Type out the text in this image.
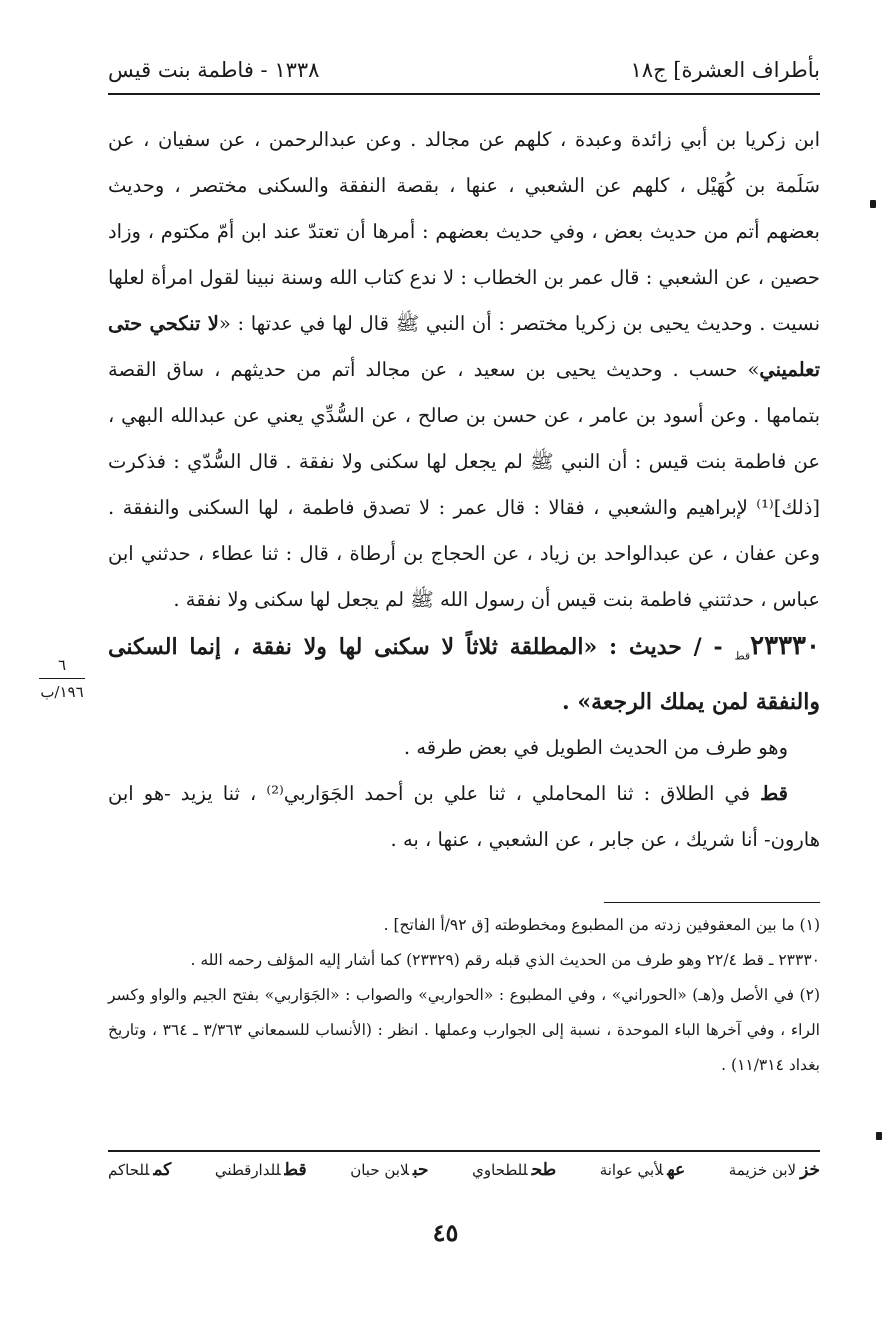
بأطراف العشرة] ج١٨
١٣٣٨ - فاطمة بنت قيس
٦
١٩٦/ب

ابن زكريا بن أبي زائدة وعبدة ، كلهم عن مجالد . وعن عبدالرحمن ، عن سفيان ، عن سَلَمة بن كُهَيْل ، كلهم عن الشعبي ، عنها ، بقصة النفقة والسكنى مختصر ، وحديث بعضهم أتم من حديث بعض ، وفي حديث بعضهم : أمرها أن تعتدّ عند ابن أمّ مكتوم ، وزاد حصين ، عن الشعبي : قال عمر بن الخطاب : لا ندع كتاب الله وسنة نبينا لقول امرأة لعلها نسيت . وحديث يحيى بن زكريا مختصر : أن النبي ﷺ قال لها في عدتها : «لا تنكحي حتى تعلميني» حسب . وحديث يحيى بن سعيد ، عن مجالد أتم من حديثهم ، ساق القصة بتمامها . وعن أسود بن عامر ، عن حسن بن صالح ، عن السُّدِّي يعني عن عبدالله البهي ، عن فاطمة بنت قيس : أن النبي ﷺ لم يجعل لها سكنى ولا نفقة . قال السُّدّي : فذكرت [ذلك]⁽¹⁾ لإبراهيم والشعبي ، فقالا : قال عمر : لا تصدق فاطمة ، لها السكنى والنفقة . وعن عفان ، عن عبدالواحد بن زياد ، عن الحجاج بن أرطاة ، قال : ثنا عطاء ، حدثني ابن عباس ، حدثتني فاطمة بنت قيس أن رسول الله ﷺ لم يجعل لها سكنى ولا نفقة .

$٢٣٣٣٠_{قط}$ - / حديث : «المطلقة ثلاثاً لا سكنى لها ولا نفقة ، إنما السكنى والنفقة لمن يملك الرجعة» .

وهو طرف من الحديث الطويل في بعض طرقه .

قط في الطلاق : ثنا المحاملي ، ثنا علي بن أحمد الجَوَاربي⁽²⁾ ، ثنا يزيد -هو ابن هارون- أنا شريك ، عن جابر ، عن الشعبي ، عنها ، به .

(١) ما بين المعقوفين زدته من المطبوع ومخطوطته [ق ٩٢/أ الفاتح] .

٢٣٣٣٠ ـ قط ٢٢/٤ وهو طرف من الحديث الذي قبله رقم (٢٣٣٢٩) كما أشار إليه المؤلف رحمه الله .

(٢) في الأصل و(هـ) «الحوراني» ، وفي المطبوع : «الحواربي» والصواب : «الجَوَاربي» بفتح الجيم والواو وكسر الراء ، وفي آخرها الباء الموحدة ، نسبة إلى الجوارب وعملها . انظر : (الأنساب للسمعاني ٣/٣٦٣ ـ ٣٦٤ ، وتاريخ بغداد ١١/٣١٤) .

خزلابن خزيمة
عهلأبي عوانة
طحللطحاوي
حبلابن حبان
قطللدارقطني
كمللحاكم
٤٥
